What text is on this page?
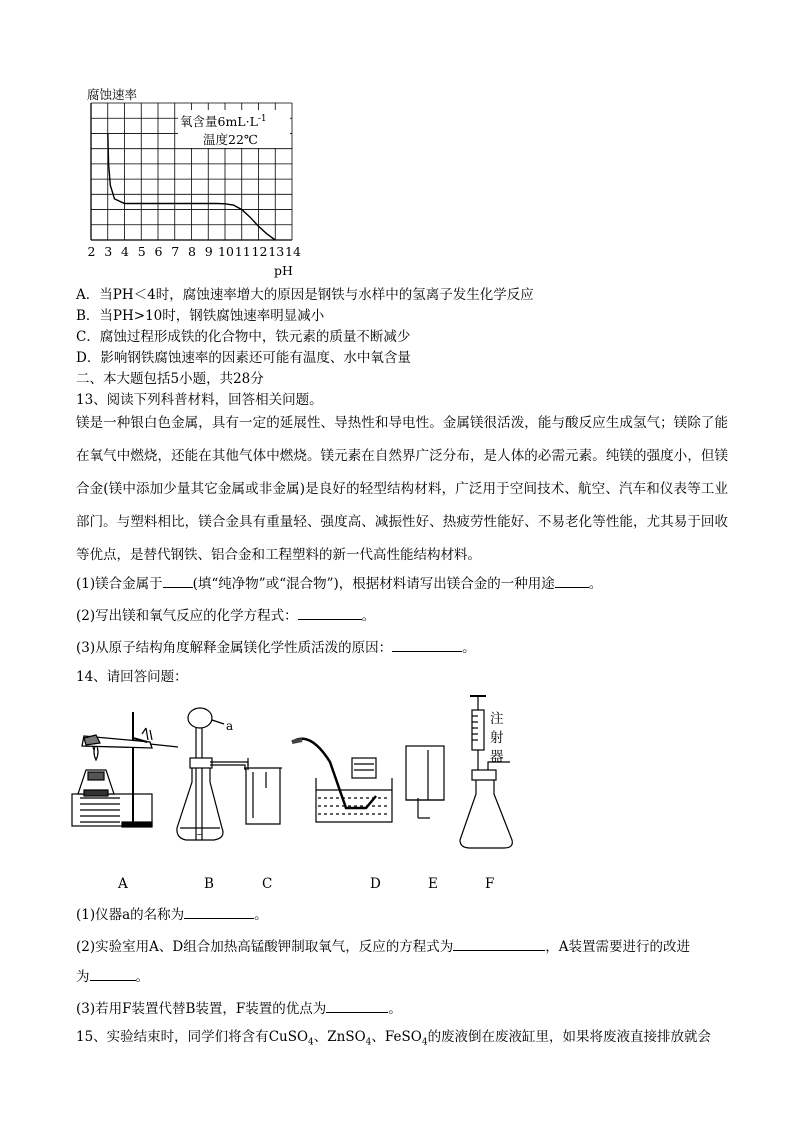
腐蚀速率
氧含量$6mL\cdot L^{-1}$
温度22℃
2 3 4 5 6 7 8 9 10 11 12 13 14
pH
A．当PH＜4时，腐蚀速率增大的原因是钢铁与水样中的氢离子发生化学反应
B．当PH>10时，钢铁腐蚀速率明显减小
C．腐蚀过程形成铁的化合物中，铁元素的质量不断减少
D．影响钢铁腐蚀速率的因素还可能有温度、水中氧含量
二、本大题包括5小题，共28分
13、阅读下列科普材料，回答相关问题。
镁是一种银白色金属，具有一定的延展性、导热性和导电性。金属镁很活泼，能与酸反应生成氢气；镁除了能在氧气中燃烧，还能在其他气体中燃烧。镁元素在自然界广泛分布，是人体的必需元素。纯镁的强度小，但镁合金(镁中添加少量其它金属或非金属)是良好的轻型结构材料，广泛用于空间技术、航空、汽车和仪表等工业部门。与塑料相比，镁合金具有重量轻、强度高、减振性好、热疲劳性能好、不易老化等性能，尤其易于回收等优点，是替代钢铁、铝合金和工程塑料的新一代高性能结构材料。
(1)镁合金属于 (填“纯净物”或“混合物”)，根据材料请写出镁合金的一种用途	。
(2)写出镁和氧气反应的化学方程式：	。
(3)从原子结构角度解释金属镁化学性质活泼的原因：	。
14、请回答问题：
∽
a	注
射
器
A	B	C	D	E	F
(1)仪器a的名称为	。
(2)实验室用A、D组合加热高锰酸钾制取氧气，反应的方程式为	，A装置需要进行的改进
为	。
(3)若用F装置代替B装置，F装置的优点为	。
15、实验结束时，同学们将含有CuSO$_4$、ZnSO$_4$、FeSO$_4$的废液倒在废液缸里，如果将废液直接排放就会
